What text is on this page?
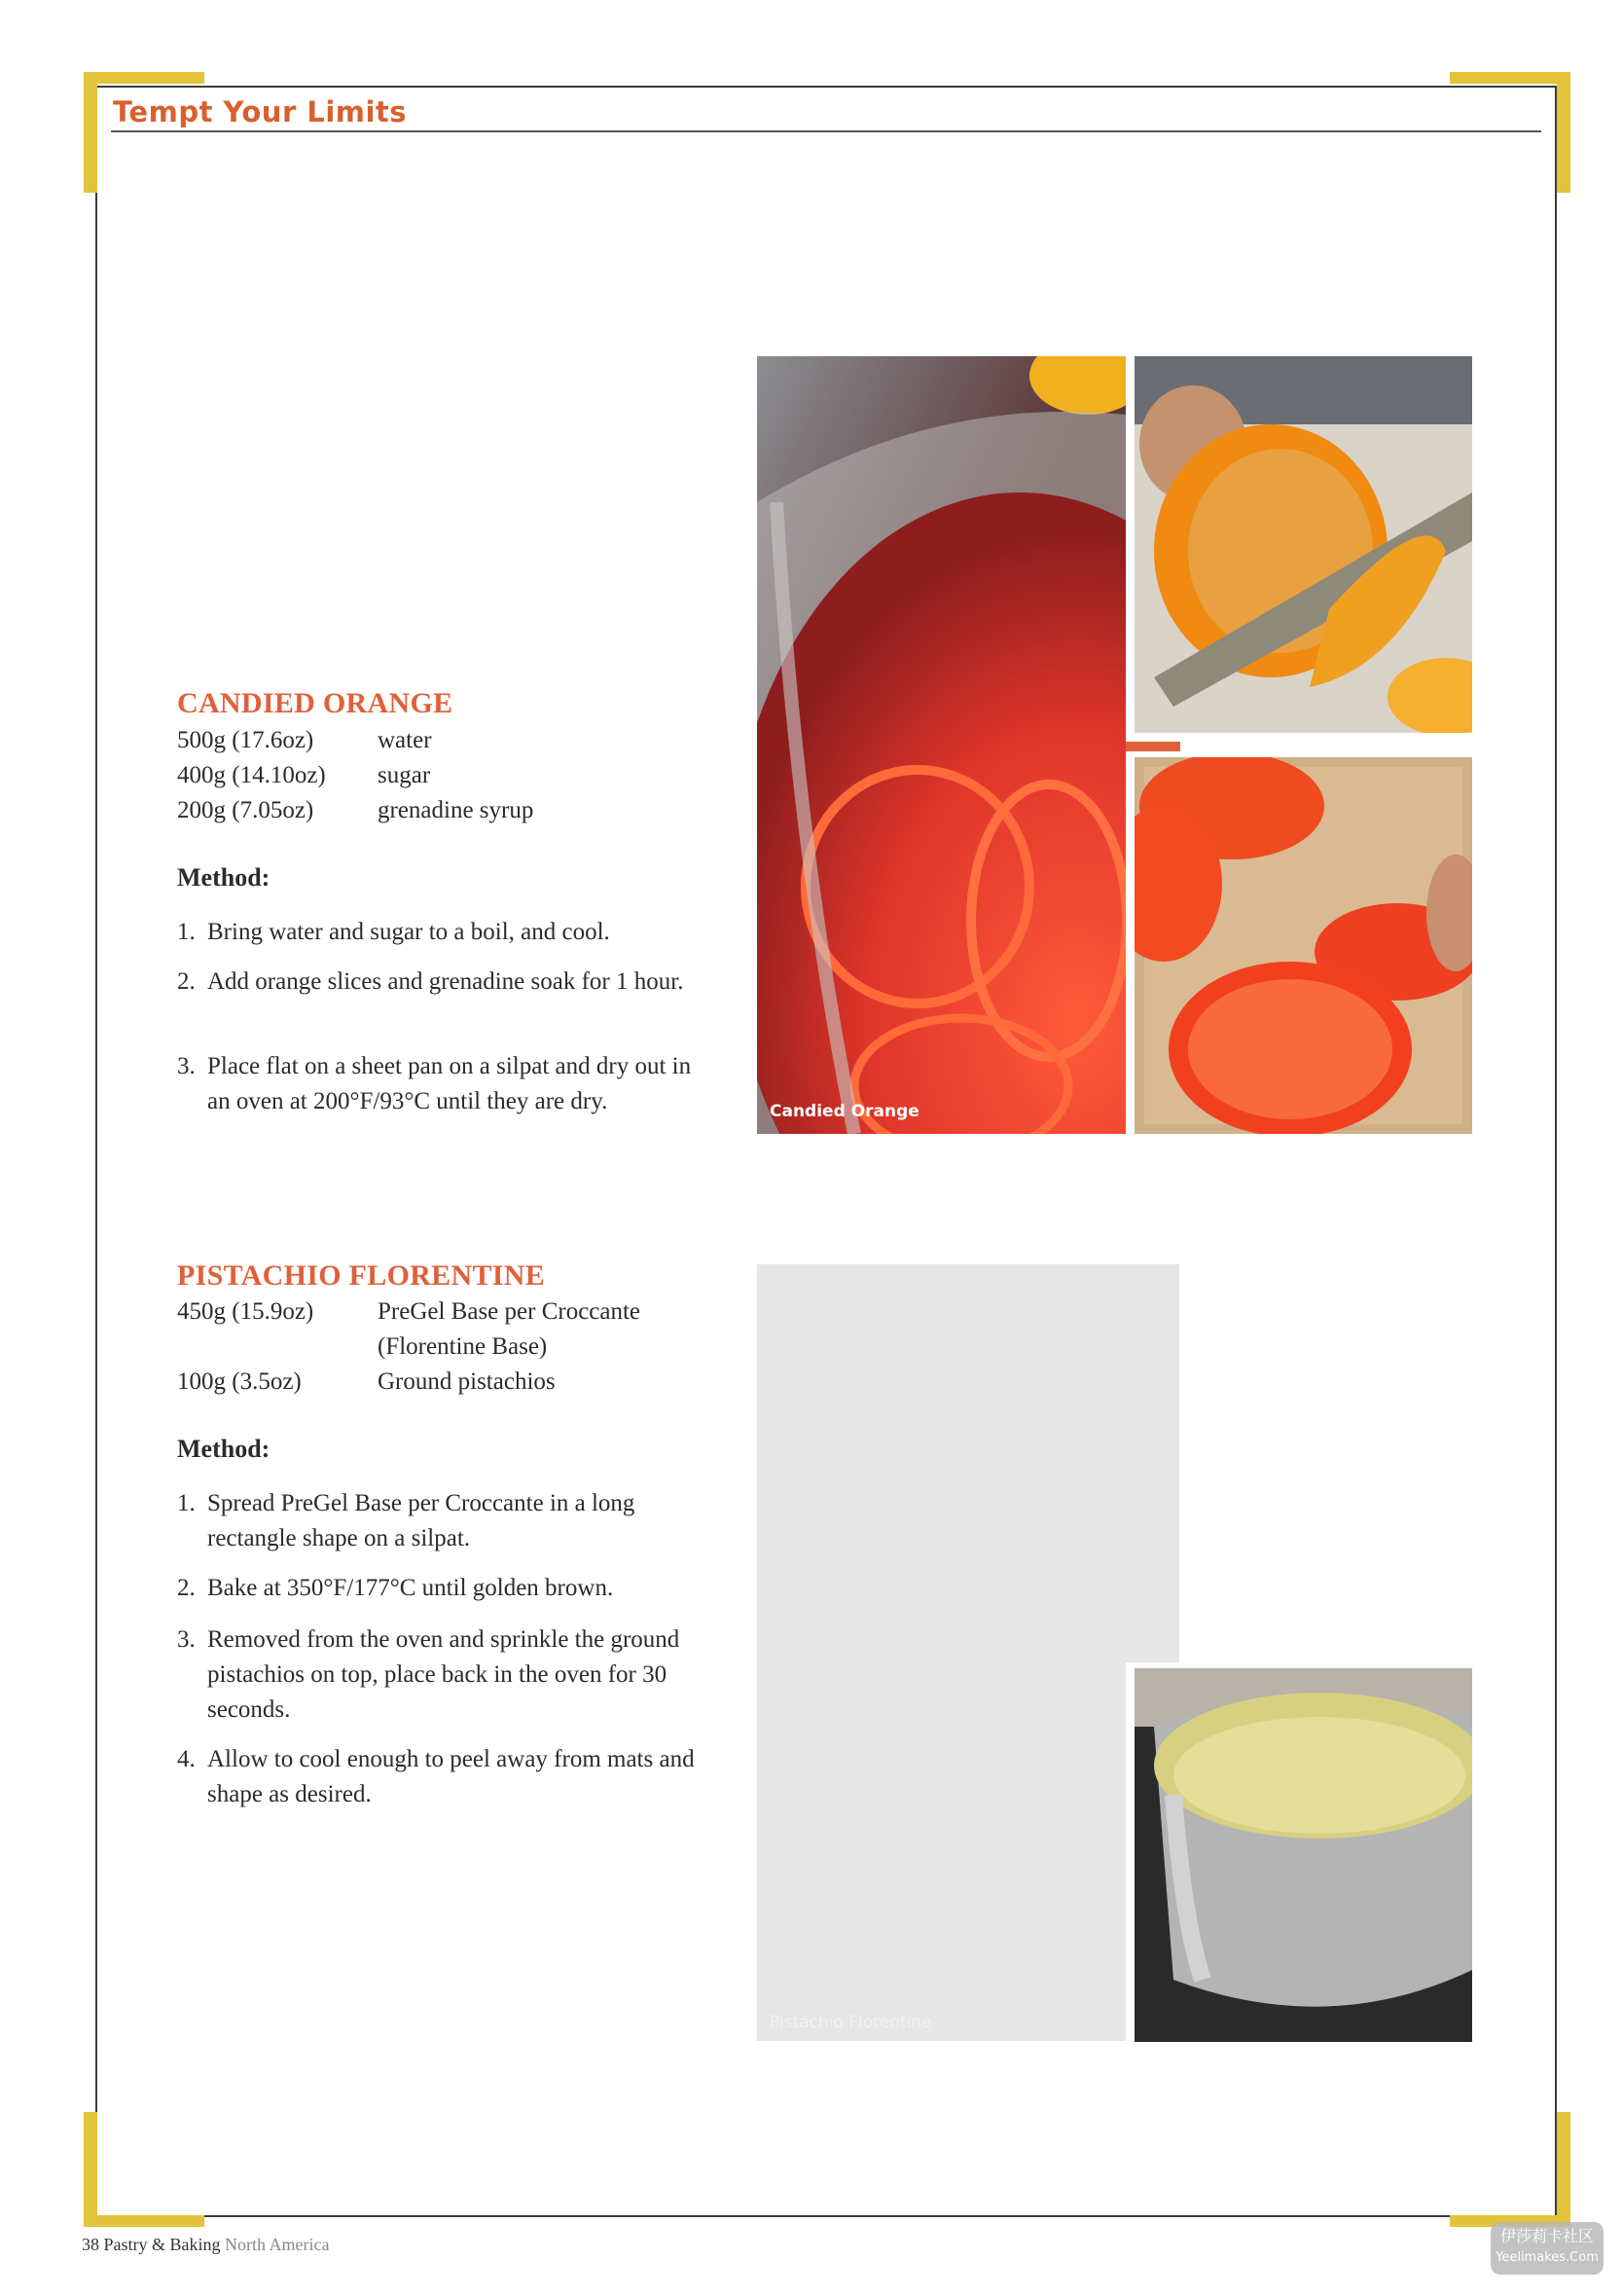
Tempt Your Limits
CANDIED ORANGE
500g (17.6oz)	water
400g (14.10oz) sugar
200g (7.05oz)	grenadine syrup
Method:
1. Bring water and sugar to a boil, and cool.
2. Add orange slices and grenadine soak for 1 hour.
3. Place flat on a sheet pan on a silpat and dry out in an oven at 200°F/93°C until they are dry.
PISTACHIO FLORENTINE
450g (15.9oz)	PreGel Base per Croccante (Florentine Base)
100g (3.5oz)	Ground pistachios
Method:
1. Spread PreGel Base per Croccante in a long rectangle shape on a silpat.
2. Bake at 350°F/177°C until golden brown.
3. Removed from the oven and sprinkle the ground pistachios on top, place back in the oven for 30 seconds.
4. Allow to cool enough to peel away from mats and shape as desired.
Candied Orange
Pistachio Florentine
38 Pastry & Baking North America	伊莎莉卡社区
Yeelimakes.Com
